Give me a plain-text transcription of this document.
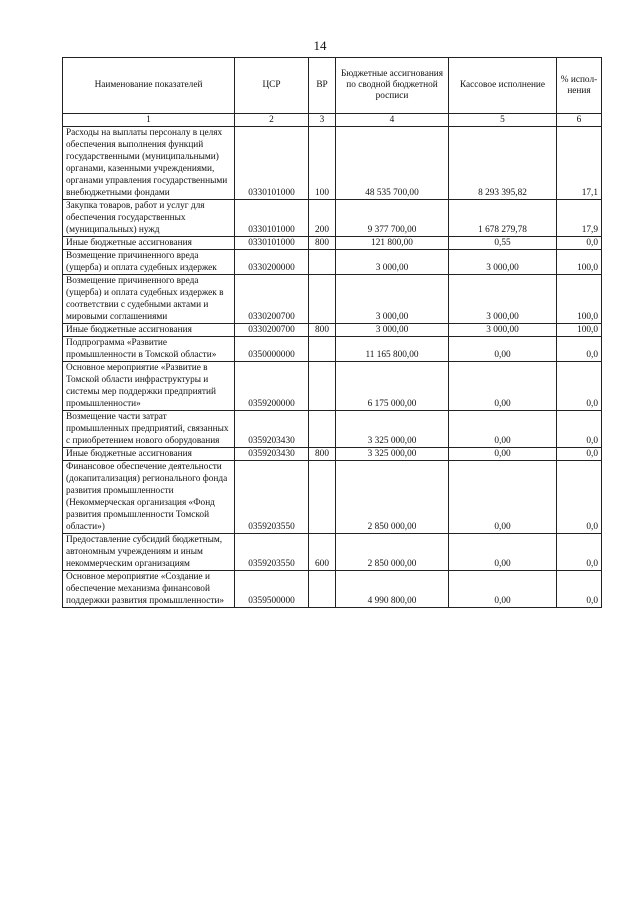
14
Наименование показателей	ЦСР	ВР	Бюджетные ассигнования по сводной бюджетной росписи	Кассовое исполнение	% испол-нения
1	2	3	4	5	6
Расходы на выплаты персоналу в целях обеспечения выполнения функций государственными (муниципальными) органами, казенными учреждениями, органами управления государственными внебюджетными фондами	0330101000	100	48 535 700,00	8 293 395,82	17,1
Закупка товаров, работ и услуг для обеспечения государственных (муниципальных) нужд	0330101000	200	9 377 700,00	1 678 279,78	17,9
Иные бюджетные ассигнования	0330101000	800	121 800,00	0,55	0,0
Возмещение причиненного вреда (ущерба) и оплата судебных издержек	0330200000		3 000,00	3 000,00	100,0
Возмещение причиненного вреда (ущерба) и оплата судебных издержек в соответствии с судебными актами и мировыми соглашениями	0330200700		3 000,00	3 000,00	100,0
Иные бюджетные ассигнования	0330200700	800	3 000,00	3 000,00	100,0
Подпрограмма «Развитие промышленности в Томской области»	0350000000		11 165 800,00	0,00	0,0
Основное мероприятие «Развитие в Томской области инфраструктуры и системы мер поддержки предприятий промышленности»	0359200000		6 175 000,00	0,00	0,0
Возмещение части затрат промышленных предприятий, связанных с приобретением нового оборудования	0359203430		3 325 000,00	0,00	0,0
Иные бюджетные ассигнования	0359203430	800	3 325 000,00	0,00	0,0
Финансовое обеспечение деятельности (докапитализация) регионального фонда развития промышленности (Некоммерческая организация «Фонд развития промышленности Томской области»)	0359203550		2 850 000,00	0,00	0,0
Предоставление субсидий бюджетным, автономным учреждениям и иным некоммерческим организациям	0359203550	600	2 850 000,00	0,00	0,0
Основное мероприятие «Создание и обеспечение механизма финансовой поддержки развития промышленности»	0359500000		4 990 800,00	0,00	0,0
